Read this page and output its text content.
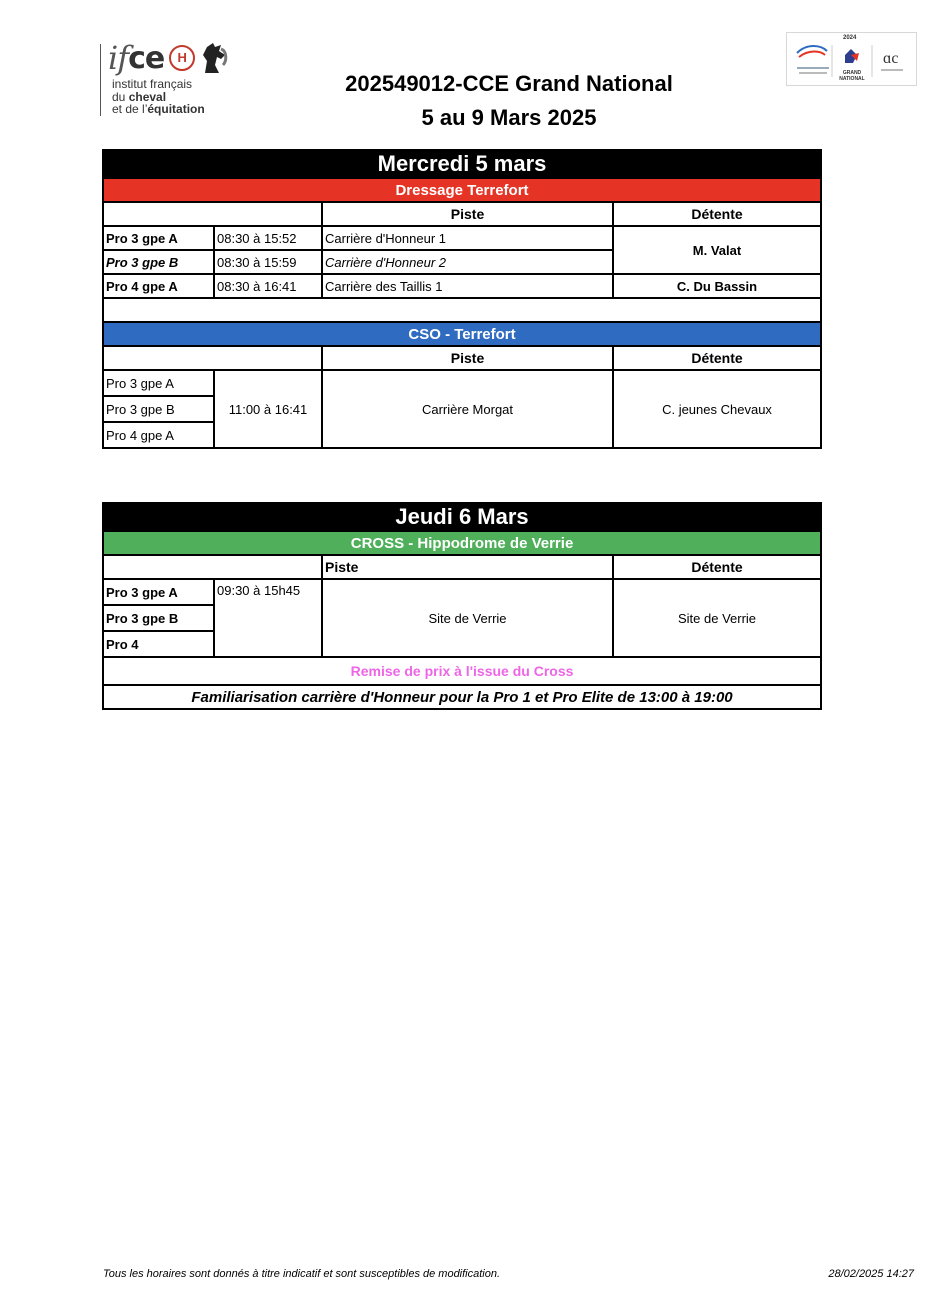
if ce	H
institut français
du cheval
et de l’équitation
ɑc
2024
GRAND NATIONAL
202549012-CCE Grand National
5 au 9 Mars 2025
Mercredi 5 mars			
Dressage Terrefort			
		Piste	Détente
Pro 3 gpe A	08:30 à 15:52	Carrière d'Honneur 1	M. Valat
Pro 3 gpe B	08:30 à 15:59	Carrière d'Honneur 2	
Pro 4 gpe A	08:30 à 16:41	Carrière des Taillis 1	C. Du Bassin

CSO - Terrefort			
		Piste	Détente
Pro 3 gpe A	11:00 à 16:41	Carrière Morgat	C. jeunes Chevaux
Pro 3 gpe B			
Pro 4 gpe A			
Jeudi 6 Mars			
CROSS - Hippodrome de Verrie			
		Piste	Détente
Pro 3 gpe A	09:30 à 15h45	Site de Verrie	Site de Verrie
Pro 3 gpe B			
Pro 4			
Remise de prix à l'issue du Cross			
Familiarisation carrière d'Honneur pour la Pro 1 et Pro Elite de 13:00 à 19:00			
Tous les horaires sont donnés à titre indicatif et sont susceptibles de modification.	28/02/2025 14:27
